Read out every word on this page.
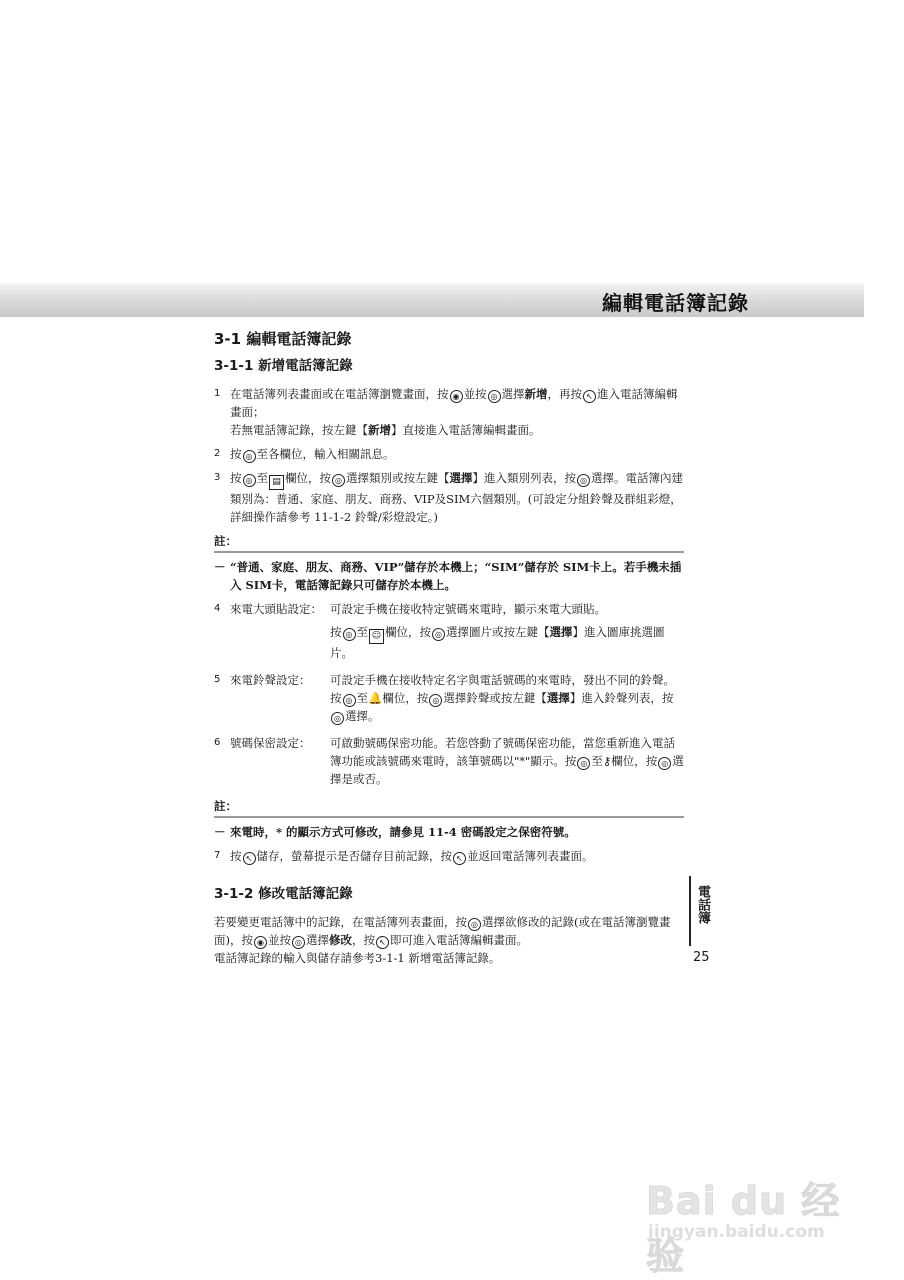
編輯電話簿記錄
3-1 編輯電話簿記錄
3-1-1 新增電話簿記錄
1 在電話簿列表畫面或在電話簿瀏覽畫面，按 ◉ 並按 ◎ 選擇新增，再按 ↖ 進入電話簿編輯畫面；
若無電話簿記錄，按左鍵【新增】直接進入電話簿編輯畫面。
2 按 ◎ 至各欄位，輸入相關訊息。
3 按 ◎ 至 ▤ 欄位，按 ◎ 選擇類別或按左鍵【選擇】進入類別列表，按 ◎ 選擇。電話簿內建類別為：普通、家庭、朋友、商務、VIP及SIM六個類別。(可設定分組鈴聲及群組彩燈，詳細操作請參考 11-1-2 鈴聲/彩燈設定。)
註：
－ “普通、家庭、朋友、商務、VIP”儲存於本機上；“SIM”儲存於 SIM卡上。若手機未插入 SIM卡，電話簿記錄只可儲存於本機上。
4 來電大頭貼設定： 可設定手機在接收特定號碼來電時，顯示來電大頭貼。

按 ◎ 至 ☺ 欄位，按 ◎ 選擇圖片或按左鍵【選擇】進入圖庫挑選圖片。

5 來電鈴聲設定：	可設定手機在接收特定名字與電話號碼的來電時，發出不同的鈴聲。按 ◎ 至🔔欄位，按 ◎ 選擇鈴聲或按左鍵【選擇】進入鈴聲列表，按◎ 選擇。

6 號碼保密設定：	可啟動號碼保密功能。若您啓動了號碼保密功能，當您重新進入電話簿功能或該號碼來電時，該筆號碼以"*"顯示。按 ◎ 至⚷欄位，按 ◎ 選擇是或否。

註：
－ 來電時，* 的顯示方式可修改，請參見 11-4 密碼設定之保密符號。
7 按 ↖ 儲存，螢幕提示是否儲存目前記錄，按 ↖ 並返回電話簿列表畫面。
3-1-2 修改電話簿記錄
若要變更電話簿中的記錄，在電話簿列表畫面，按 ◎ 選擇欲修改的記錄(或在電話簿瀏覽畫面)，按 ◉ 並按 ◎ 選擇修改，按 ↖ 即可進入電話簿編輯畫面。
電話簿記錄的輸入與儲存請參考3-1-1 新增電話簿記錄。
電話簿
25
Bai du 经验
jingyan.baidu.com
